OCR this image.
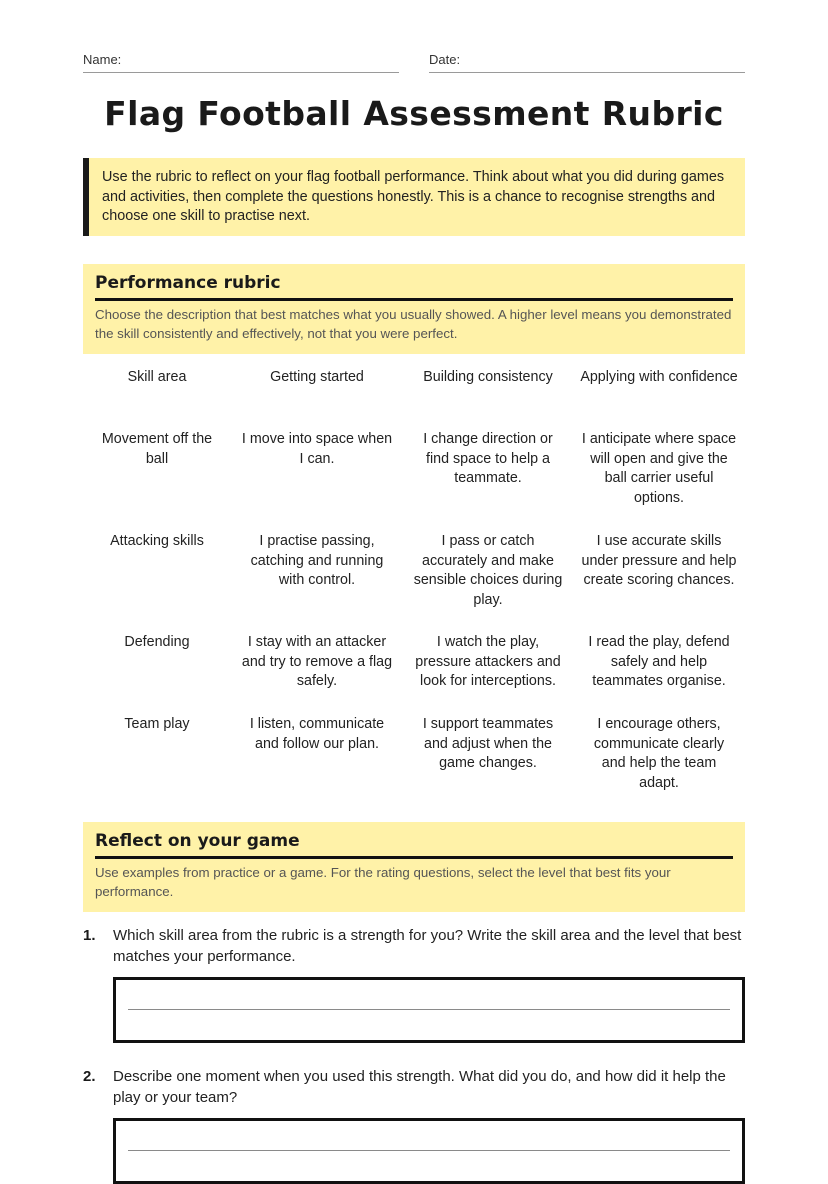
Name:	Date:
Flag Football Assessment Rubric
Use the rubric to reflect on your flag football performance. Think about what you did during games and activities, then complete the questions honestly. This is a chance to recognise strengths and choose one skill to practise next.
Performance rubric
Choose the description that best matches what you usually showed. A higher level means you demonstrated the skill consistently and effectively, not that you were perfect.
Skill area	Getting started	Building consistency	Applying with confidence
Movement off the ball	I move into space when I can.	I change direction or find space to help a teammate.	I anticipate where space will open and give the ball carrier useful options.
Attacking skills	I practise passing, catching and running with control.	I pass or catch accurately and make sensible choices during play.	I use accurate skills under pressure and help create scoring chances.
Defending	I stay with an attacker and try to remove a flag safely.	I watch the play, pressure attackers and look for interceptions.	I read the play, defend safely and help teammates organise.
Team play	I listen, communicate and follow our plan.	I support teammates and adjust when the game changes.	I encourage others, communicate clearly and help the team adapt.
Reflect on your game
Use examples from practice or a game. For the rating questions, select the level that best fits your performance.
1. Which skill area from the rubric is a strength for you? Write the skill area and the level that best matches your performance.
2. Describe one moment when you used this strength. What did you do, and how did it help the play or your team?
